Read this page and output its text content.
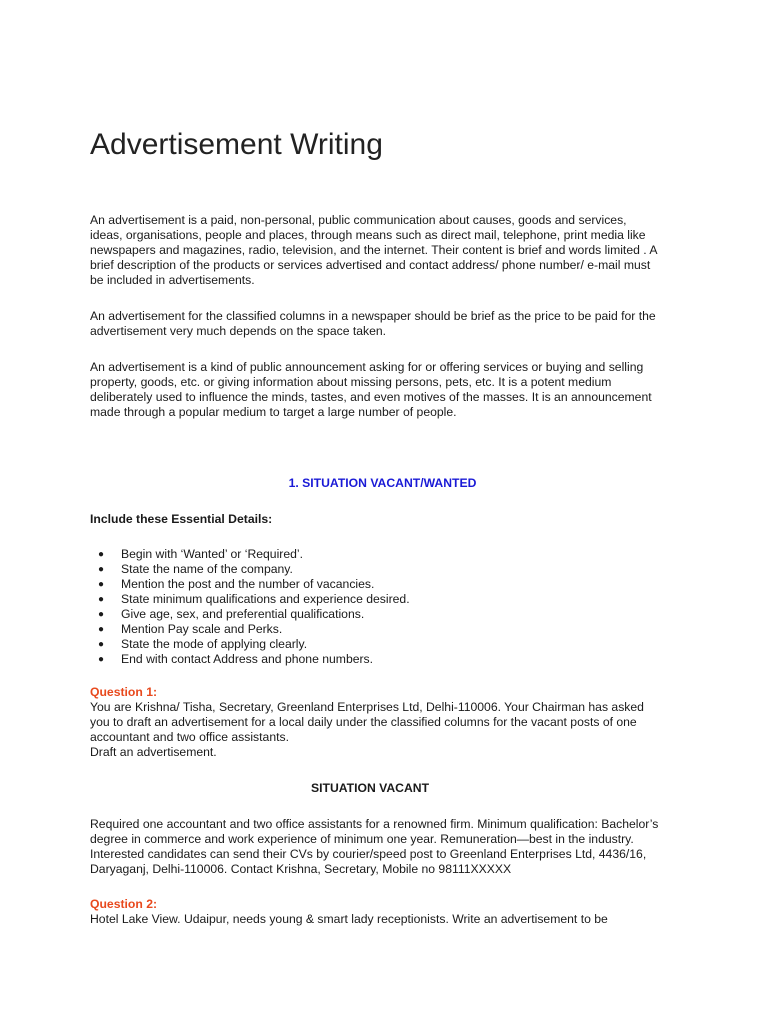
Advertisement Writing

An advertisement is a paid, non-personal, public communication about causes, goods and services,
ideas, organisations, people and places, through means such as direct mail, telephone, print media like
newspapers and magazines, radio, television, and the internet. Their content is brief and words limited . A
brief description of the products or services advertised and contact address/ phone number/ e-mail must
be included in advertisements.

An advertisement for the classified columns in a newspaper should be brief as the price to be paid for the
advertisement very much depends on the space taken.

An advertisement is a kind of public announcement asking for or offering services or buying and selling
property, goods, etc. or giving information about missing persons, pets, etc. It is a potent medium
deliberately used to influence the minds, tastes, and even motives of the masses. It is an announcement
made through a popular medium to target a large number of people.

1. SITUATION VACANT/WANTED
Include these Essential Details:
● Begin with ‘Wanted’ or ‘Required’.
● State the name of the company.
● Mention the post and the number of vacancies.
● State minimum qualifications and experience desired.
● Give age, sex, and preferential qualifications.
● Mention Pay scale and Perks.
● State the mode of applying clearly.
● End with contact Address and phone numbers.

Question 1:

You are Krishna/ Tisha, Secretary, Greenland Enterprises Ltd, Delhi-110006. Your Chairman has asked
you to draft an advertisement for a local daily under the classified columns for the vacant posts of one
accountant and two office assistants.
Draft an advertisement.

SITUATION VACANT

Required one accountant and two office assistants for a renowned firm. Minimum qualification: Bachelor’s
degree in commerce and work experience of minimum one year. Remuneration—best in the industry.
Interested candidates can send their CVs by courier/speed post to Greenland Enterprises Ltd, 4436/16,
Daryaganj, Delhi-110006. Contact Krishna, Secretary, Mobile no 98111XXXXX

Question 2:

Hotel Lake View. Udaipur, needs young & smart lady receptionists. Write an advertisement to be
